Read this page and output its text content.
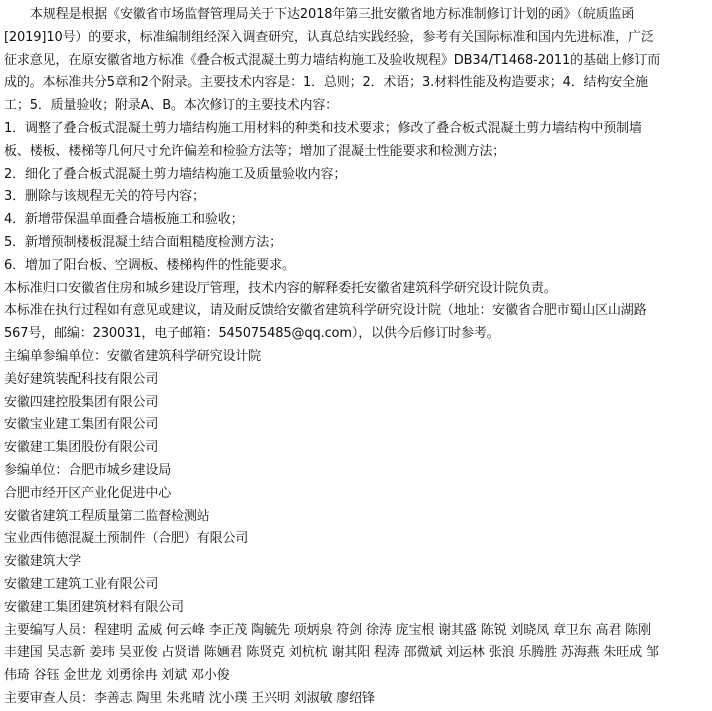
本规程是根据《安徽省市场监督管理局关于下达2018年第三批安徽省地方标准制修订计划的函》（皖质监函
[2019]10号）的要求，标准编制组经深入调查研究，认真总结实践经验，参考有关国际标准和国内先进标准，广泛
征求意见，在原安徽省地方标准《叠合板式混凝土剪力墙结构施工及验收规程》DB34/T1468-2011的基础上修订而
成的。本标准共分5章和2个附录。主要技术内容是：1．总则；2．术语；3.材料性能及构造要求；4．结构安全施
工；5．质量验收；附录A、B。本次修订的主要技术内容：
1．调整了叠合板式混凝土剪力墙结构施工用材料的种类和技术要求；修改了叠合板式混凝土剪力墙结构中预制墙
板、楼板、楼梯等几何尺寸允许偏差和检验方法等；增加了混凝土性能要求和检测方法；
2．细化了叠合板式混凝土剪力墙结构施工及质量验收内容；
3．删除与该规程无关的符号内容；
4．新增带保温单面叠合墙板施工和验收；
5．新增预制楼板混凝土结合面粗糙度检测方法；
6．增加了阳台板、空调板、楼梯构件的性能要求。
本标准归口安徽省住房和城乡建设厅管理，技术内容的解释委托安徽省建筑科学研究设计院负责。
本标准在执行过程如有意见或建议，请及耐反馈给安徽省建筑科学研究设计院（地址：安徽省合肥市蜀山区山湖路
567号，邮编：230031，电子邮箱：545075485@qq.com），以供今后修订时参考。
主编单参编单位：安徽省建筑科学研究设计院
美好建筑装配科技有限公司
安徽四建控股集团有限公司
安徽宝业建工集团有限公司
安徽建工集团股份有限公司
参编单位：合肥市城乡建设局
合肥市经开区产业化促进中心
安徽省建筑工程质量第二监督检测站
宝业西伟德混凝土预制件（合肥）有限公司
安徽建筑大学
安徽建工建筑工业有限公司
安徽建工集团建筑材料有限公司
主要编写人员：程建明 孟威 何云峰 李正茂 陶毓先 项炳泉 符剑 徐涛 庞宝根 谢其盛 陈锐 刘晓凤 章卫东 高君 陈刚
丰建国 吴志新 姜玮 吴亚俊 占贤谱 陈婳君 陈贤克 刘杭杭 谢其阳 程涛 邵微斌 刘运林 张浪 乐腾胜 苏海燕 朱旺成 邹
伟琦 谷钰 金世龙 刘勇徐冉 刘斌 邓小俊
主要审查人员：李善志 陶里 朱兆晴 沈小璞 王兴明 刘淑敏 廖绍锋
